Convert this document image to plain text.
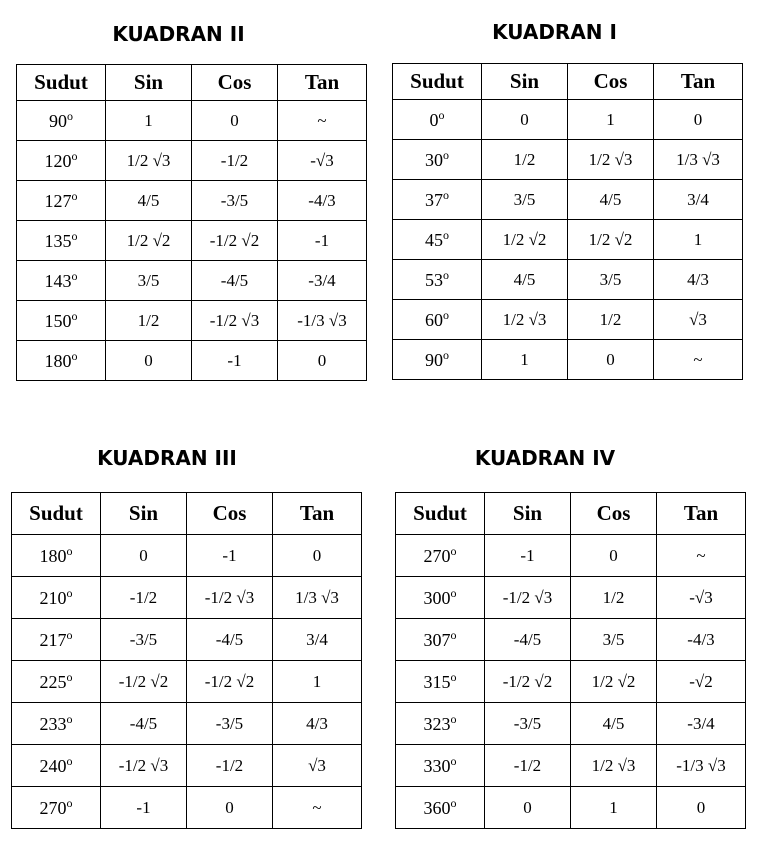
KUADRAN II
Sudut	Sin	Cos	Tan
90$^o$	1	0	~
120$^o$	1/2 √3	-1/2	-√3
127$^o$	4/5	-3/5	-4/3
135$^o$	1/2 √2	-1/2 √2	-1
143$^o$	3/5	-4/5	-3/4
150$^o$	1/2	-1/2 √3	-1/3 √3
180$^o$	0	-1	0
KUADRAN I
Sudut	Sin	Cos	Tan
0$^o$	0	1	0
30$^o$	1/2	1/2 √3	1/3 √3
37$^o$	3/5	4/5	3/4
45$^o$	1/2 √2	1/2 √2	1
53$^o$	4/5	3/5	4/3
60$^o$	1/2 √3	1/2	√3
90$^o$	1	0	~
KUADRAN III
Sudut	Sin	Cos	Tan
180$^o$	0	-1	0
210$^o$	-1/2	-1/2 √3	1/3 √3
217$^o$	-3/5	-4/5	3/4
225$^o$	-1/2 √2	-1/2 √2	1
233$^o$	-4/5	-3/5	4/3
240$^o$	-1/2 √3	-1/2	√3
270$^o$	-1	0	~
KUADRAN IV
Sudut	Sin	Cos	Tan
270$^o$	-1	0	~
300$^o$	-1/2 √3	1/2	-√3
307$^o$	-4/5	3/5	-4/3
315$^o$	-1/2 √2	1/2 √2	-√2
323$^o$	-3/5	4/5	-3/4
330$^o$	-1/2	1/2 √3	-1/3 √3
360$^o$	0	1	0
